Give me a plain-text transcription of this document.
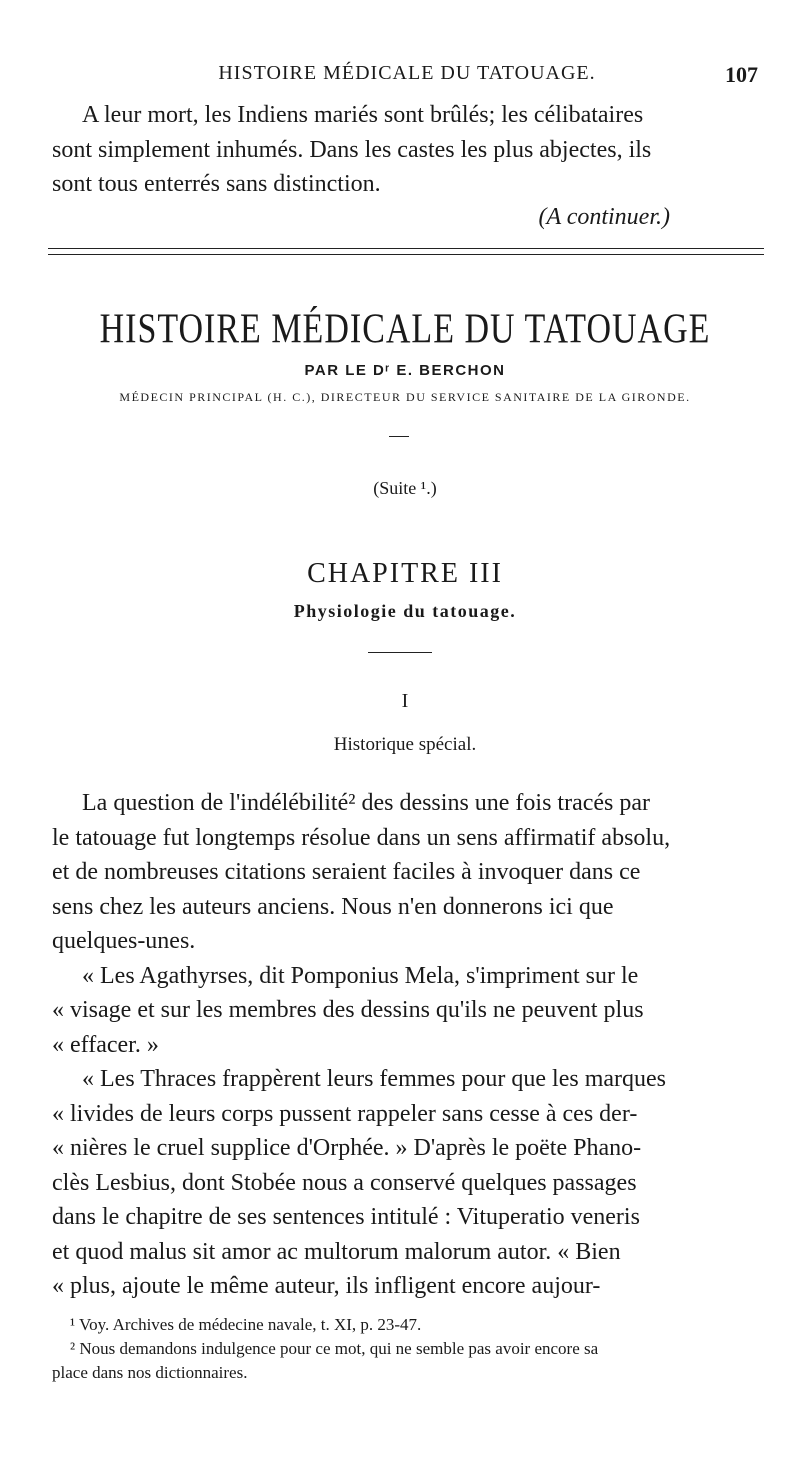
HISTOIRE MÉDICALE DU TATOUAGE.	107
A leur mort, les Indiens mariés sont brûlés; les célibataires
sont simplement inhumés. Dans les castes les plus abjectes, ils
sont tous enterrés sans distinction.
(A continuer.)
HISTOIRE MÉDICALE DU TATOUAGE
PAR LE Dʳ E. BERCHON
MÉDECIN PRINCIPAL (H. C.), DIRECTEUR DU SERVICE SANITAIRE DE LA GIRONDE.
(Suite ¹.)
CHAPITRE III
Physiologie du tatouage.
I
Historique spécial.
La question de l'indélébilité² des dessins une fois tracés par
le tatouage fut longtemps résolue dans un sens affirmatif absolu,
et de nombreuses citations seraient faciles à invoquer dans ce
sens chez les auteurs anciens. Nous n'en donnerons ici que
quelques-unes.
« Les Agathyrses, dit Pomponius Mela, s'impriment sur le
« visage et sur les membres des dessins qu'ils ne peuvent plus
« effacer. »
« Les Thraces frappèrent leurs femmes pour que les marques
« livides de leurs corps pussent rappeler sans cesse à ces der-
« nières le cruel supplice d'Orphée. » D'après le poëte Phano-
clès Lesbius, dont Stobée nous a conservé quelques passages
dans le chapitre de ses sentences intitulé : Vituperatio veneris
et quod malus sit amor ac multorum malorum autor. « Bien
« plus, ajoute le même auteur, ils infligent encore aujour-
¹ Voy. Archives de médecine navale, t. XI, p. 23-47.
² Nous demandons indulgence pour ce mot, qui ne semble pas avoir encore sa
place dans nos dictionnaires.
